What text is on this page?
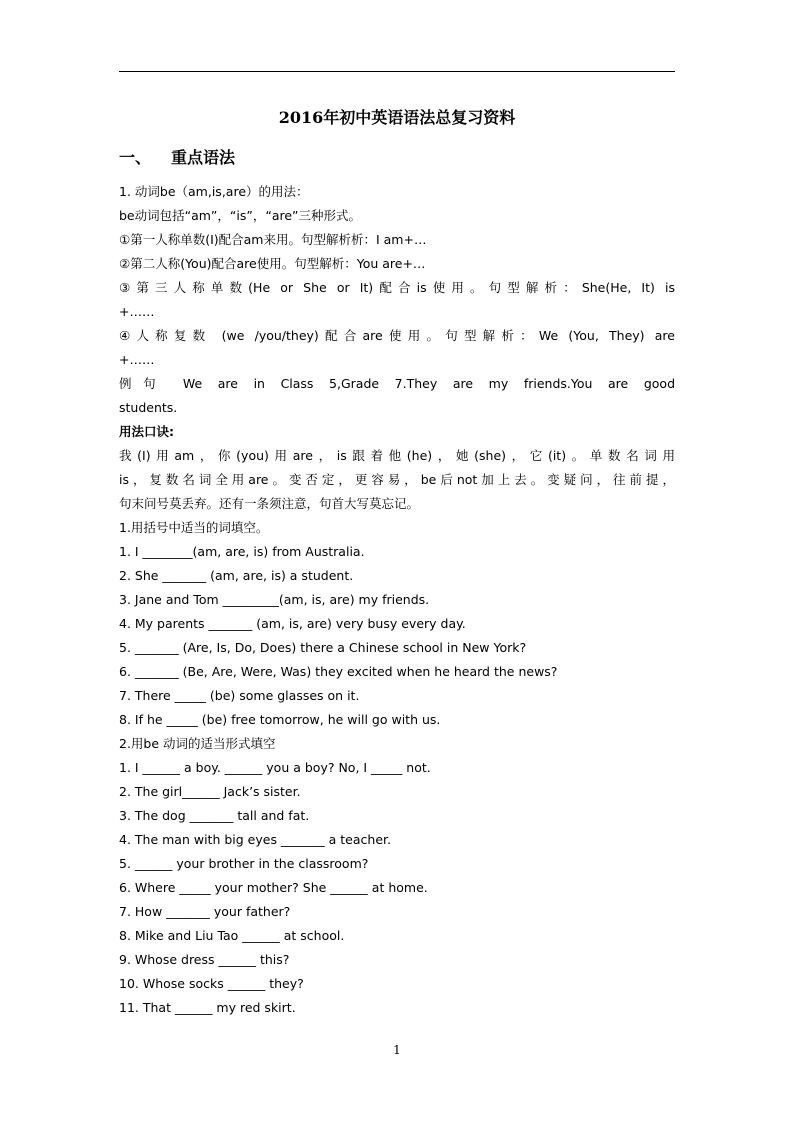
2016年初中英语语法总复习资料
一、 重点语法
1. 动词be（am,is,are）的用法：
be动词包括“am”，“is”，“are”三种形式。
①第一人称单数(I)配合am来用。句型解析析：I am+…
②第二人称(You)配合are使用。句型解析：You are+…
③第三人称单数(He or She or It)配合is使用。句型解析：She(He, It) is
+……
④人称复数 (we /you/they)配合are使用。句型解析：We (You, They) are
+……
例句 We are in Class 5,Grade 7.They are my friends.You are good
students.
用法口诀:
我(I)用am，你(you)用are，is跟着他(he)，她(she)，它(it)。单数名词用
is，复数名词全用are。变否定，更容易，be后not加上去。变疑问，往前提，
句末问号莫丢弃。还有一条须注意，句首大写莫忘记。
1.用括号中适当的词填空。
1. I ________(am, are, is) from Australia.
2. She _______ (am, are, is) a student.
3. Jane and Tom _________(am, is, are) my friends.
4. My parents _______ (am, is, are) very busy every day.
5. _______ (Are, Is, Do, Does) there a Chinese school in New York?
6. _______ (Be, Are, Were, Was) they excited when he heard the news?
7. There _____ (be) some glasses on it.
8. If he _____ (be) free tomorrow, he will go with us.
2.用be 动词的适当形式填空
1. I ______ a boy. ______ you a boy? No, I _____ not.
2. The girl______ Jack’s sister.
3. The dog _______ tall and fat.
4. The man with big eyes _______ a teacher.
5. ______ your brother in the classroom?
6. Where _____ your mother? She ______ at home.
7. How _______ your father?
8. Mike and Liu Tao ______ at school.
9. Whose dress ______ this?
10. Whose socks ______ they?
11. That ______ my red skirt.
1
